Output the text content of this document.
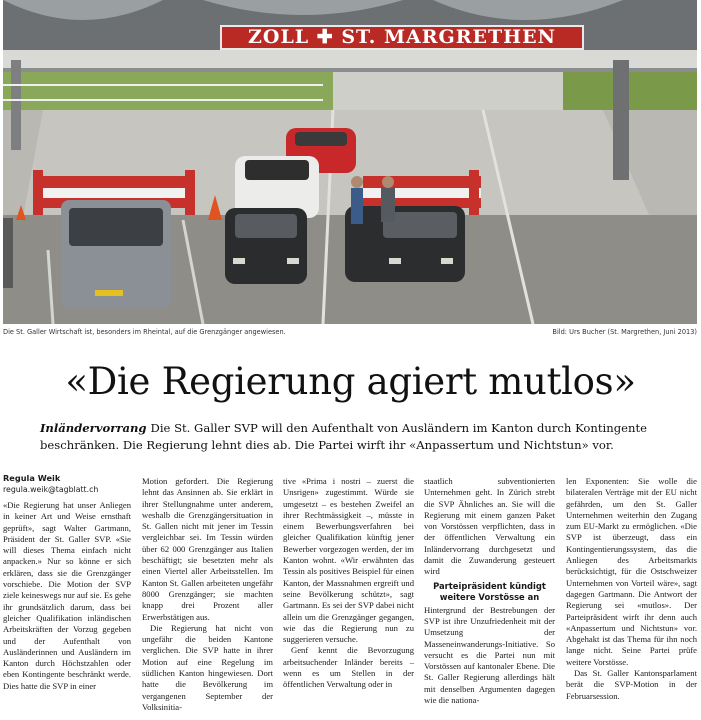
ZOLL ✚ ST. MARGRETHEN
Die St. Galler Wirtschaft ist, besonders im Rheintal, auf die Grenzgänger angewiesen.	Bild: Urs Bucher (St. Margrethen, Juni 2013)
«Die Regierung agiert mutlos»
Inländervorrang Die St. Galler SVP will den Aufenthalt von Ausländern im Kanton durch Kontingente beschränken. Die Regierung lehnt dies ab. Die Partei wirft ihr «Anpassertum und Nichtstun» vor.
Regula Weik
regula.weik@tagblatt.ch

«Die Regierung hat unser Anliegen in keiner Art und Weise ernsthaft geprüft», sagt Walter Gartmann, Präsident der St. Galler SVP. «Sie will dieses Thema einfach nicht anpacken.» Nur so könne er sich erklären, dass sie die Grenzgänger vorschiebe. Die Motion der SVP ziele keineswegs nur auf sie. Es gehe ihr grundsätzlich darum, dass bei gleicher Qualifikation inländischen Arbeitskräften der Vorzug gegeben und der Aufenthalt von Ausländerinnen und Ausländern im Kanton durch Höchstzahlen oder eben Kontingente beschränkt werde. Dies hatte die SVP in einer

Motion gefordert. Die Regierung lehnt das Ansinnen ab. Sie erklärt in ihrer Stellungnahme unter anderem, weshalb die Grenzgängersituation in St. Gallen nicht mit jener im Tessin vergleichbar sei. Im Tessin würden über 62 000 Grenzgänger aus Italien beschäftigt; sie besetzten mehr als einen Viertel aller Arbeitsstellen. Im Kanton St. Gallen arbeiteten ungefähr 8000 Grenzgänger; sie machten knapp drei Prozent aller Erwerbstätigen aus.

Die Regierung hat nicht von ungefähr die beiden Kantone verglichen. Die SVP hatte in ihrer Motion auf eine Regelung im südlichen Kanton hingewiesen. Dort hatte die Bevölkerung im vergangenen September der Volksinitia-

tive «Prima i nostri – zuerst die Unsrigen» zugestimmt. Würde sie umgesetzt – es bestehen Zweifel an ihrer Rechtmässigkeit –, müsste in einem Bewerbungsverfahren bei gleicher Qualifikation künftig jener Bewerber vorgezogen werden, der im Kanton wohnt. «Wir erwähnten das Tessin als positives Beispiel für einen Kanton, der Massnahmen ergreift und seine Bevölkerung schützt», sagt Gartmann. Es sei der SVP dabei nicht allein um die Grenzgänger gegangen, wie das die Regierung nun zu suggerieren versuche.

Genf kennt die Bevorzugung arbeitsuchender Inländer bereits – wenn es um Stellen in der öffentlichen Verwaltung oder in

staatlich subventionierten Unternehmen geht. In Zürich strebt die SVP Ähnliches an. Sie will die Regierung mit einem ganzen Paket von Vorstössen verpflichten, dass in der öffentlichen Verwaltung ein Inländervorrang durchgesetzt und damit die Zuwanderung gesteuert wird

Parteipräsident kündigt weitere Vorstösse an

Hintergrund der Bestrebungen der SVP ist ihre Unzufriedenheit mit der Umsetzung der Masseneinwanderungs-Initiative. So versucht es die Partei nun mit Vorstössen auf kantonaler Ebene. Die St. Galler Regierung allerdings hält mit denselben Argumenten dagegen wie die nationa-

len Exponenten: Sie wolle die bilateralen Verträge mit der EU nicht gefährden, um den St. Galler Unternehmen weiterhin den Zugang zum EU-Markt zu ermöglichen. «Die SVP ist überzeugt, dass ein Kontingentierungssystem, das die Anliegen des Arbeitsmarkts berücksichtigt, für die Ostschweizer Unternehmen von Vorteil wäre», sagt dagegen Gartmann. Die Antwort der Regierung sei «mutlos». Der Parteipräsident wirft ihr denn auch «Anpassertum und Nichtstun» vor. Abgehakt ist das Thema für ihn noch lange nicht. Seine Partei prüfe weitere Vorstösse.

Das St. Galler Kantonsparlament berät die SVP-Motion in der Februarsession.
